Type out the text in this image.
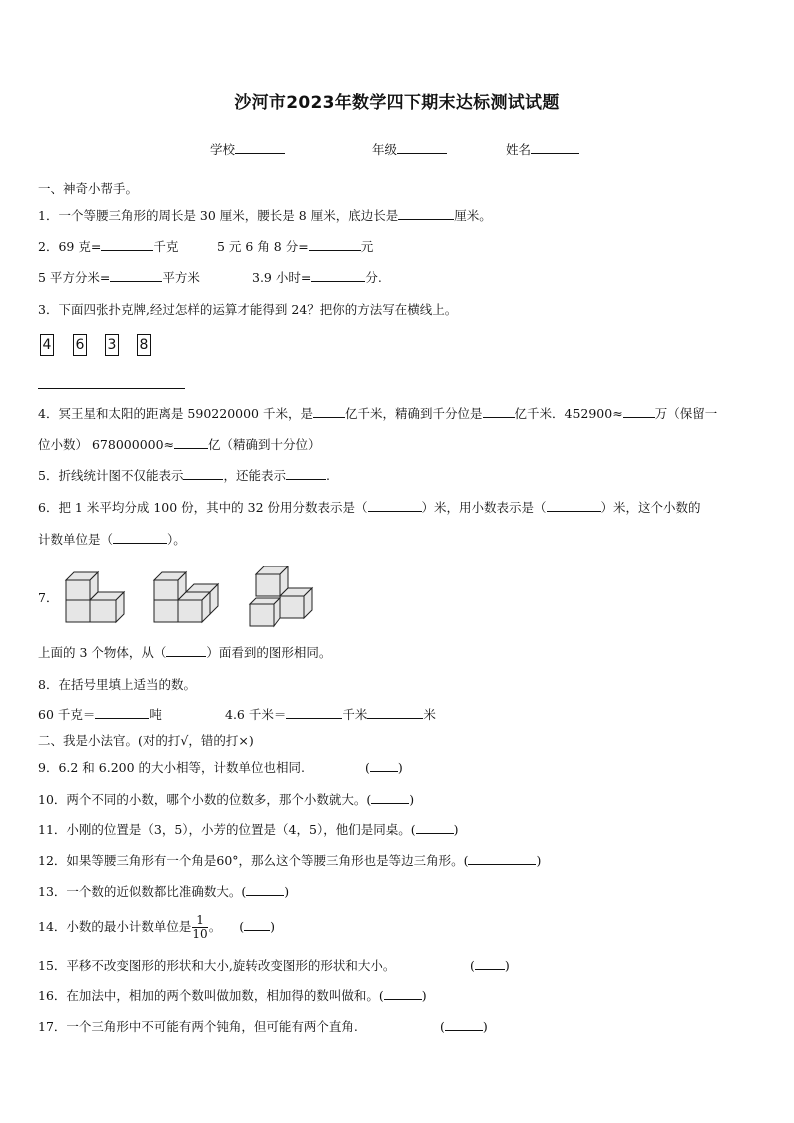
沙河市2023年数学四下期末达标测试试题
学校	年级	姓名
一、神奇小帮手。
1．一个等腰三角形的周长是 30 厘米，腰长是 8 厘米，底边长是	厘米。
2．69 克=	千克	5 元 6 角 8 分=	元
5 平方分米=	平方米	3.9 小时=	分.
3．下面四张扑克牌,经过怎样的运算才能得到 24？把你的方法写在横线上。
4 6 3 8
4．冥王星和太阳的距离是 590220000 千米，是	亿千米，精确到千分位是	亿千米．452900≈	万（保留一
位小数） 678000000≈	亿（精确到十分位）
5．折线统计图不仅能表示	，还能表示	.
6．把 1 米平均分成 100 份，其中的 32 份用分数表示是（	）米，用小数表示是（	）米，这个小数的
计数单位是（	）。
7．
上面的 3 个物体，从（	）面看到的图形相同。
8．在括号里填上适当的数。
60 千克＝	吨	4.6 千米＝	千米	米
二、我是小法官。(对的打√，错的打×)
9．6.2 和 6.200 的大小相等，计数单位也相同.	( )
10．两个不同的小数，哪个小数的位数多，那个小数就大。(	)
11．小刚的位置是（3，5），小芳的位置是（4，5），他们是同桌。(	)
12．如果等腰三角形有一个角是60°，那么这个等腰三角形也是等边三角形。(	)
13．一个数的近似数都比准确数大。(	)
14．小数的最小计数单位是 $\frac{1}{10}$ 。 ( )
15．平移不改变图形的形状和大小,旋转改变图形的形状和大小。	( )
16．在加法中，相加的两个数叫做加数，相加得的数叫做和。(	)
17．一个三角形中不可能有两个钝角，但可能有两个直角.	(	)
